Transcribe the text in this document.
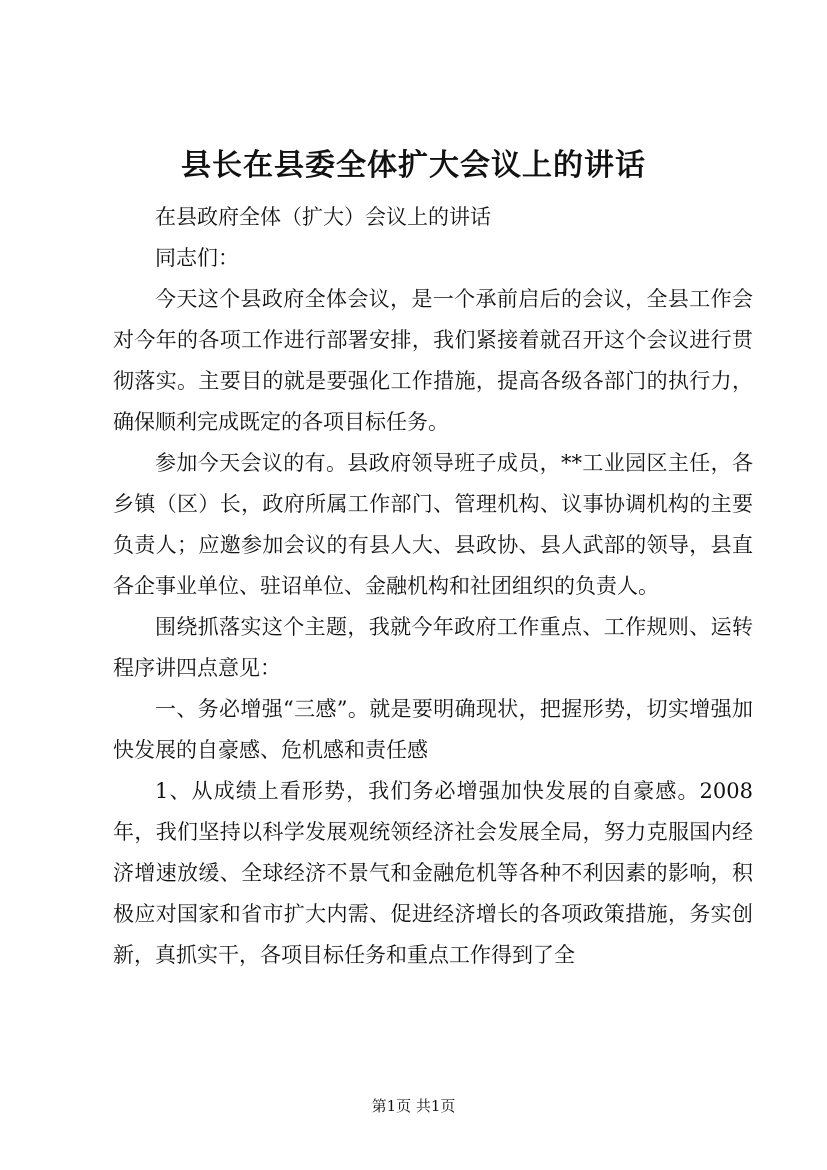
县长在县委全体扩大会议上的讲话

在县政府全体（扩大）会议上的讲话

同志们：

今天这个县政府全体会议，是一个承前启后的会议，全县工作会对今年的各项工作进行部署安排，我们紧接着就召开这个会议进行贯彻落实。主要目的就是要强化工作措施，提高各级各部门的执行力，确保顺利完成既定的各项目标任务。

参加今天会议的有。县政府领导班子成员，**工业园区主任，各乡镇（区）长，政府所属工作部门、管理机构、议事协调机构的主要负责人；应邀参加会议的有县人大、县政协、县人武部的领导，县直各企事业单位、驻诏单位、金融机构和社团组织的负责人。

围绕抓落实这个主题，我就今年政府工作重点、工作规则、运转程序讲四点意见：

一、务必增强“三感”。就是要明确现状，把握形势，切实增强加快发展的自豪感、危机感和责任感

1、从成绩上看形势，我们务必增强加快发展的自豪感。2008年，我们坚持以科学发展观统领经济社会发展全局，努力克服国内经济增速放缓、全球经济不景气和金融危机等各种不利因素的影响，积极应对国家和省市扩大内需、促进经济增长的各项政策措施，务实创新，真抓实干，各项目标任务和重点工作得到了全

第1页 共1页
